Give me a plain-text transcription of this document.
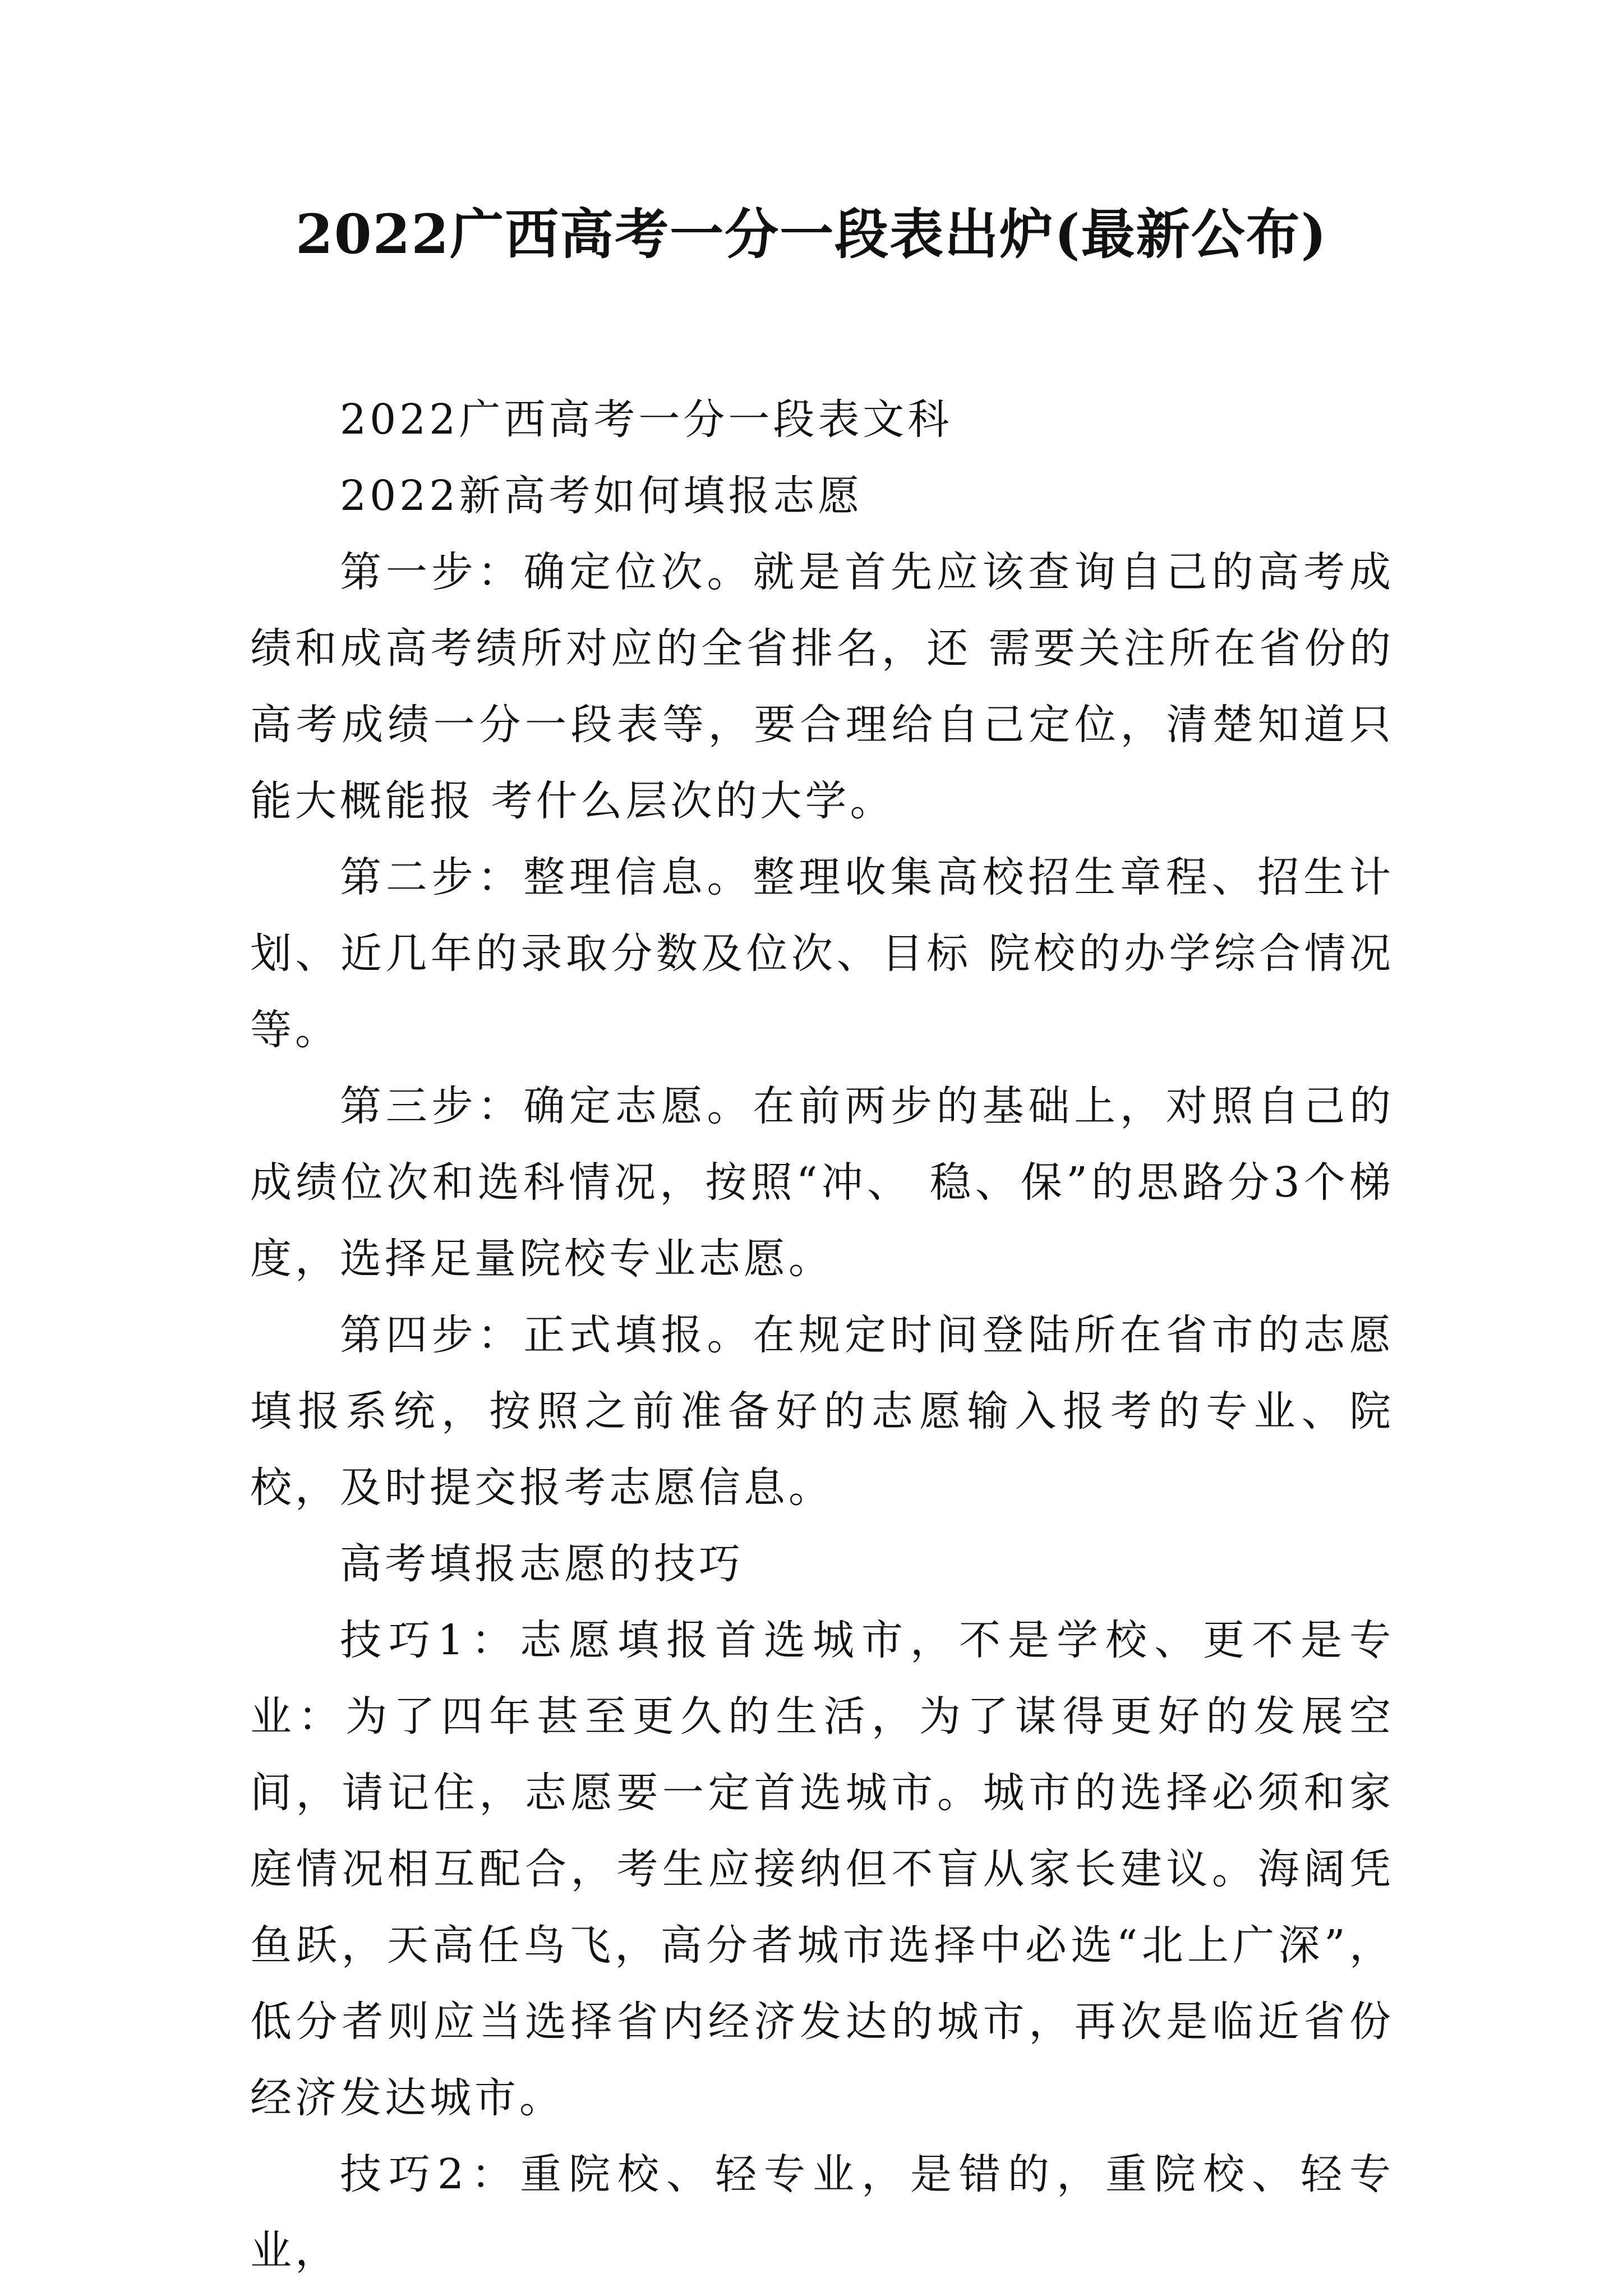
2022广西高考一分一段表出炉(最新公布)

2022广西高考一分一段表文科

2022新高考如何填报志愿

第一步：确定位次。就是首先应该查询自己的高考成绩和成高考绩所对应的全省排名，还 需要关注所在省份的高考成绩一分一段表等，要合理给自己定位，清楚知道只能大概能报 考什么层次的大学。

第二步：整理信息。整理收集高校招生章程、招生计划、近几年的录取分数及位次、目标 院校的办学综合情况等。

第三步：确定志愿。在前两步的基础上，对照自己的成绩位次和选科情况，按照“冲、 稳、保”的思路分3个梯度，选择足量院校专业志愿。

第四步：正式填报。在规定时间登陆所在省市的志愿填报系统，按照之前准备好的志愿输入报考的专业、院校，及时提交报考志愿信息。

高考填报志愿的技巧

技巧1：志愿填报首选城市，不是学校、更不是专业：为了四年甚至更久的生活，为了谋得更好的发展空间，请记住，志愿要一定首选城市。城市的选择必须和家庭情况相互配合，考生应接纳但不盲从家长建议。海阔凭鱼跃，天高任鸟飞，高分者城市选择中必选“北上广深”，低分者则应当选择省内经济发达的城市，再次是临近省份经济发达城市。

技巧2：重院校、轻专业，是错的，重院校、轻专业，
